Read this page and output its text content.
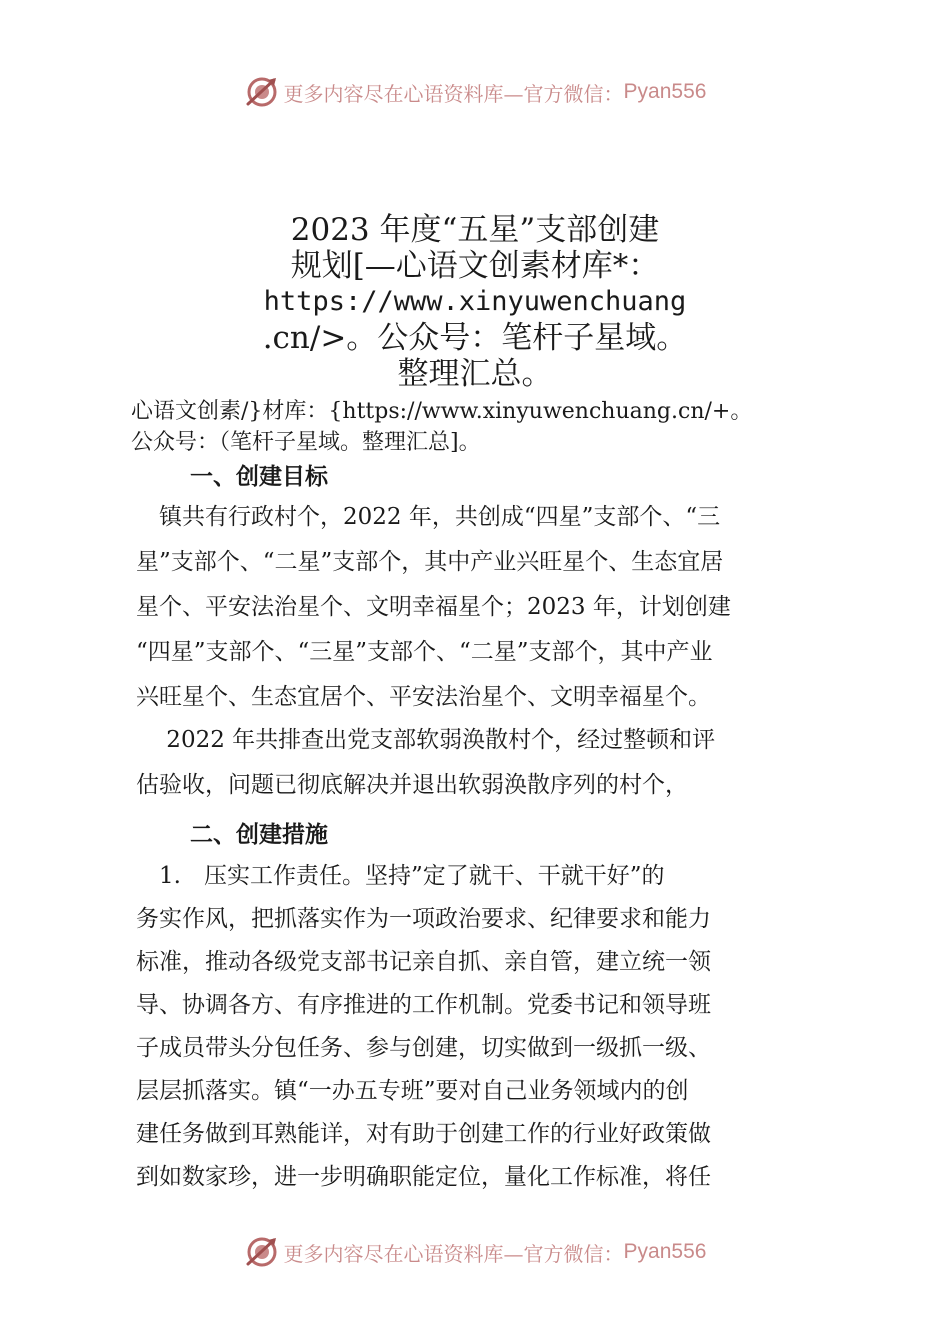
更多内容尽在心语资料库—官方微信： Pyan556
2023 年度“五星”支部创建
规划[—心语文创素材库*：
https://www.xinyuwenchuang
.cn/>。公众号：笔杆子星域。
整理汇总。
心语文创素/}材库：{https://www.xinyuwenchuang.cn/+。
公众号：（笔杆子星域。整理汇总]。
一、创建目标
　镇共有行政村个，2022 年，共创成“四星”支部个、“三
星”支部个、“二星”支部个，其中产业兴旺星个、生态宜居
星个、平安法治星个、文明幸福星个；2023 年，计划创建
“四星”支部个、“三星”支部个、“二星”支部个，其中产业
兴旺星个、生态宜居个、平安法治星个、文明幸福星个。
　 2022 年共排查出党支部软弱涣散村个，经过整顿和评
估验收，问题已彻底解决并退出软弱涣散序列的村个，
二、创建措施
　1.　压实工作责任。坚持”定了就干、干就干好”的
务实作风，把抓落实作为一项政治要求、纪律要求和能力
标准，推动各级党支部书记亲自抓、亲自管，建立统一领
导、协调各方、有序推进的工作机制。党委书记和领导班
子成员带头分包任务、参与创建，切实做到一级抓一级、
层层抓落实。镇“一办五专班”要对自己业务领域内的创
建任务做到耳熟能详，对有助于创建工作的行业好政策做
到如数家珍，进一步明确职能定位，量化工作标准，将任
更多内容尽在心语资料库—官方微信： Pyan556
